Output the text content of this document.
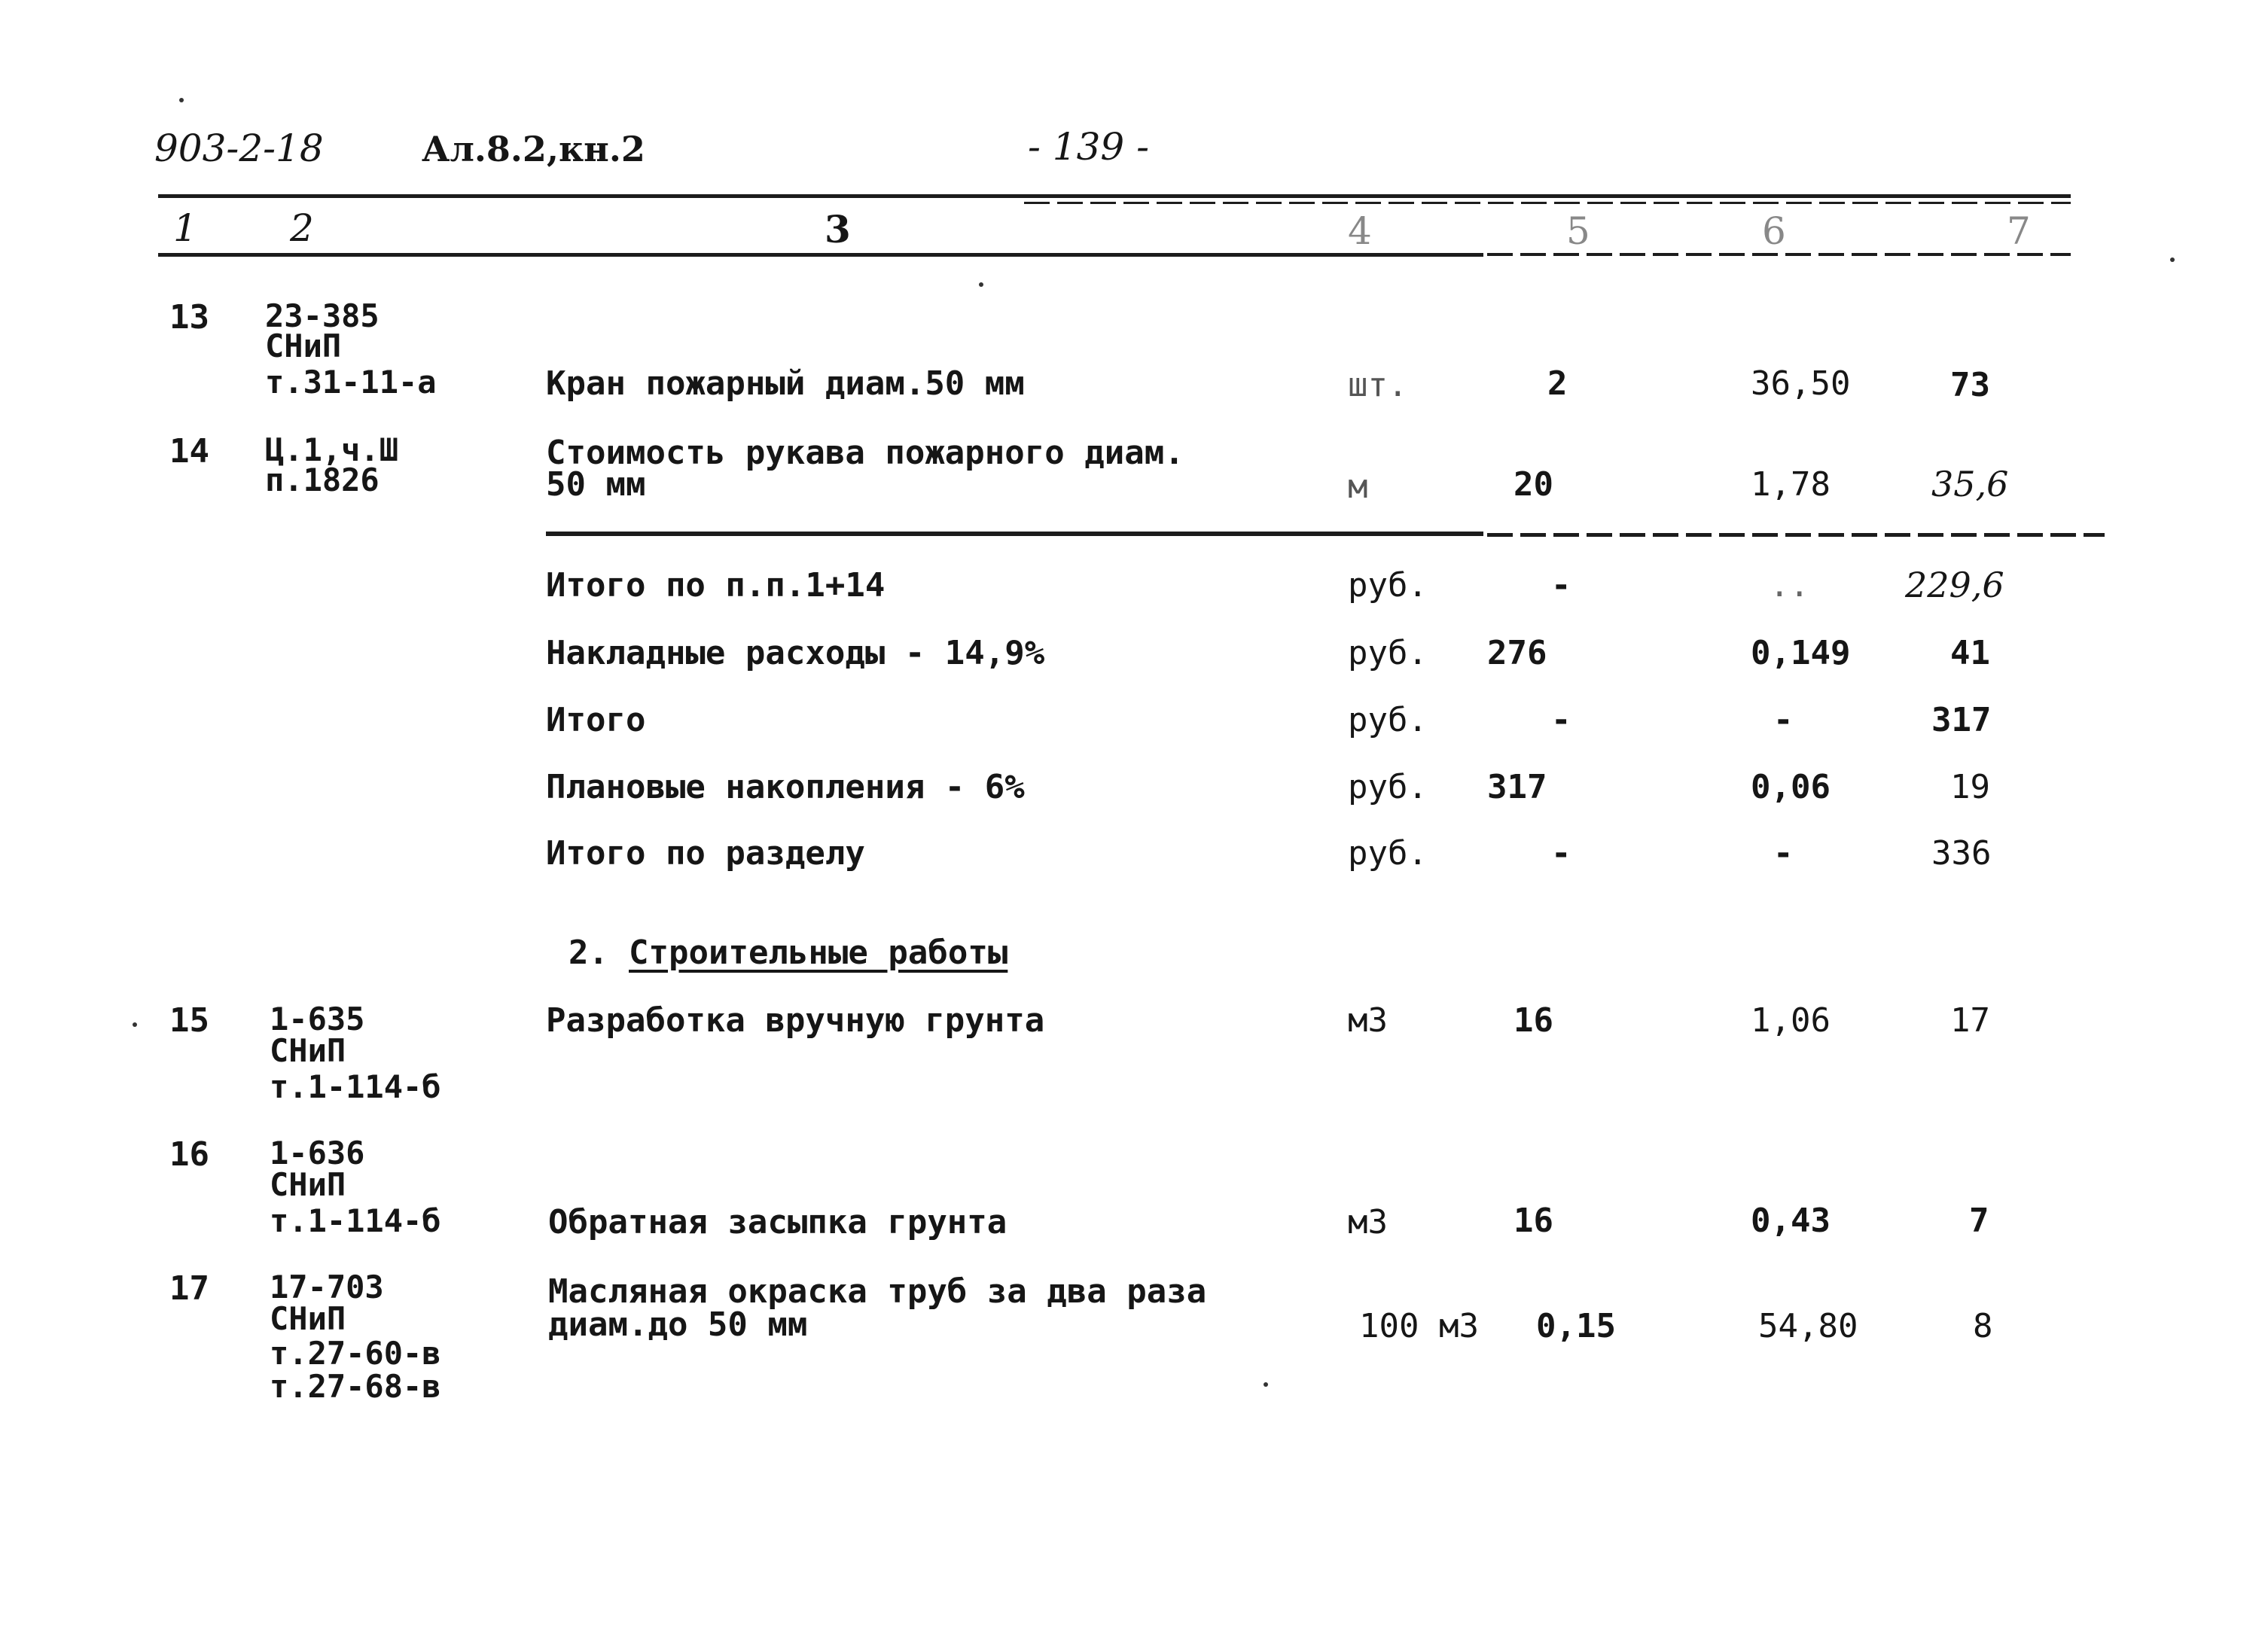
903-2-18	Ал.8.2,кн.2	- 139 -
1 2	3	4	5	6	7
13 23-385
СНиП
т.31-11-а	Кран пожарный диам.50 мм	шт.	2	36,50	73
14 Ц.1,ч.Ш
п.1826
Стоимость рукава пожарного диам.
50 мм	м	20	1,78	35,6
Итого по п.п.1+14	руб.	-	..	229,6
Накладные расходы - 14,9%	руб. 276	0,149	41
Итого	руб.	-	-	317
Плановые накопления - 6%	руб. 317	0,06	19
Итого по разделу	руб.	-	-	336
2. Строительные работы
15 1-635
СНиП
т.1-114-б
Разработка вручную грунта	м3	16	1,06	17
16 1-636
СНиП
т.1-114-б	Обратная засыпка грунта	м3	16	0,43	7
17 17-703
СНиП
т.27-60-в
т.27-68-в
Масляная окраска труб за два раза
диам.до 50 мм	100 м3 0,15	54,80	8
